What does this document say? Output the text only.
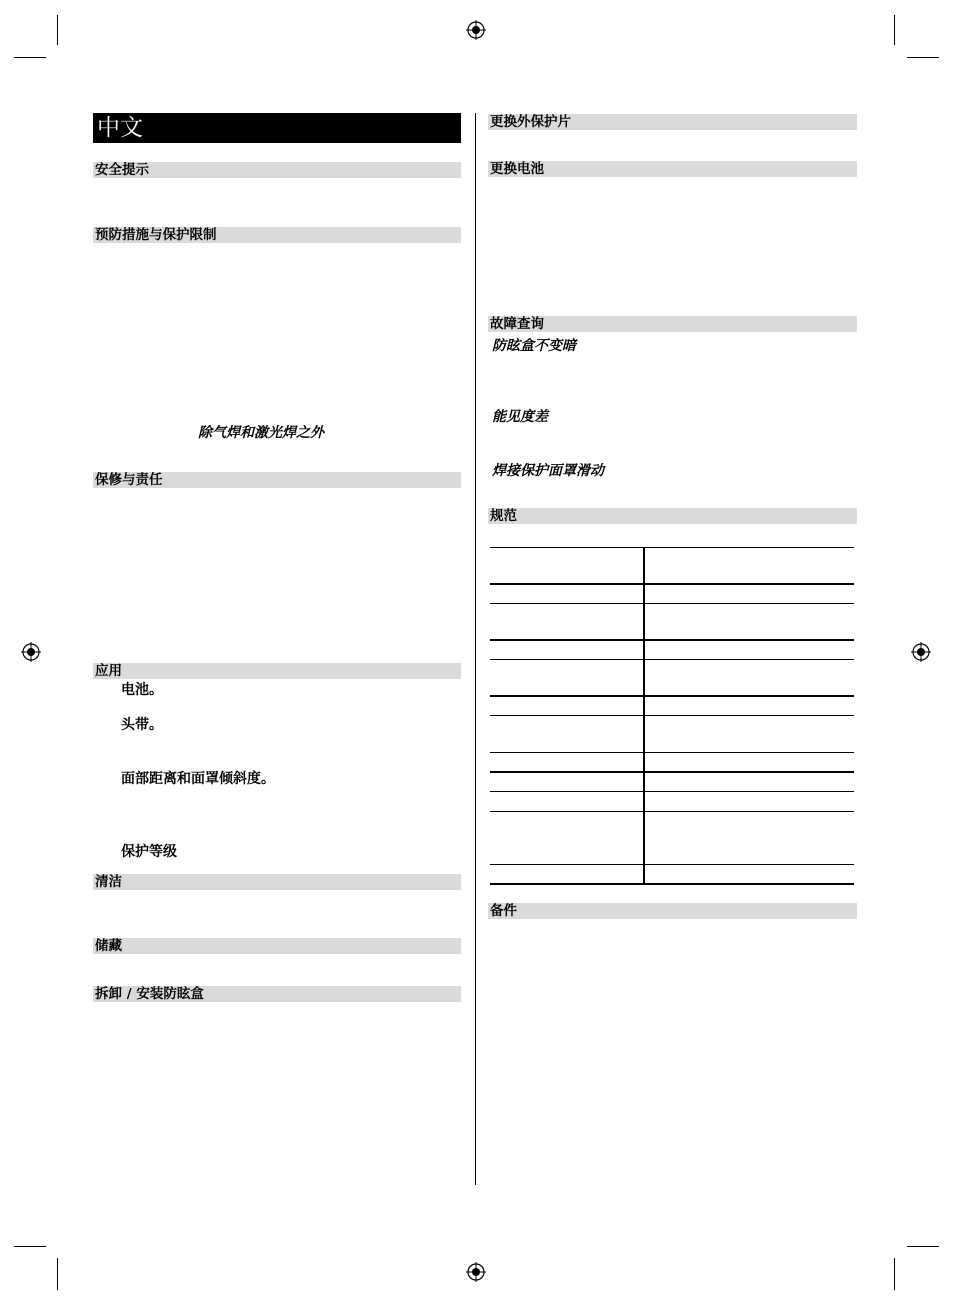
中文
安全提示
预防措施与保护限制
除气焊和激光焊之外
保修与责任
应用
电池。
头带。
面部距离和面罩倾斜度。
保护等级
清洁
储藏
拆卸 / 安装防眩盒
更换外保护片
更换电池
故障查询
防眩盒不变暗
能见度差
焊接保护面罩滑动
规范
备件
